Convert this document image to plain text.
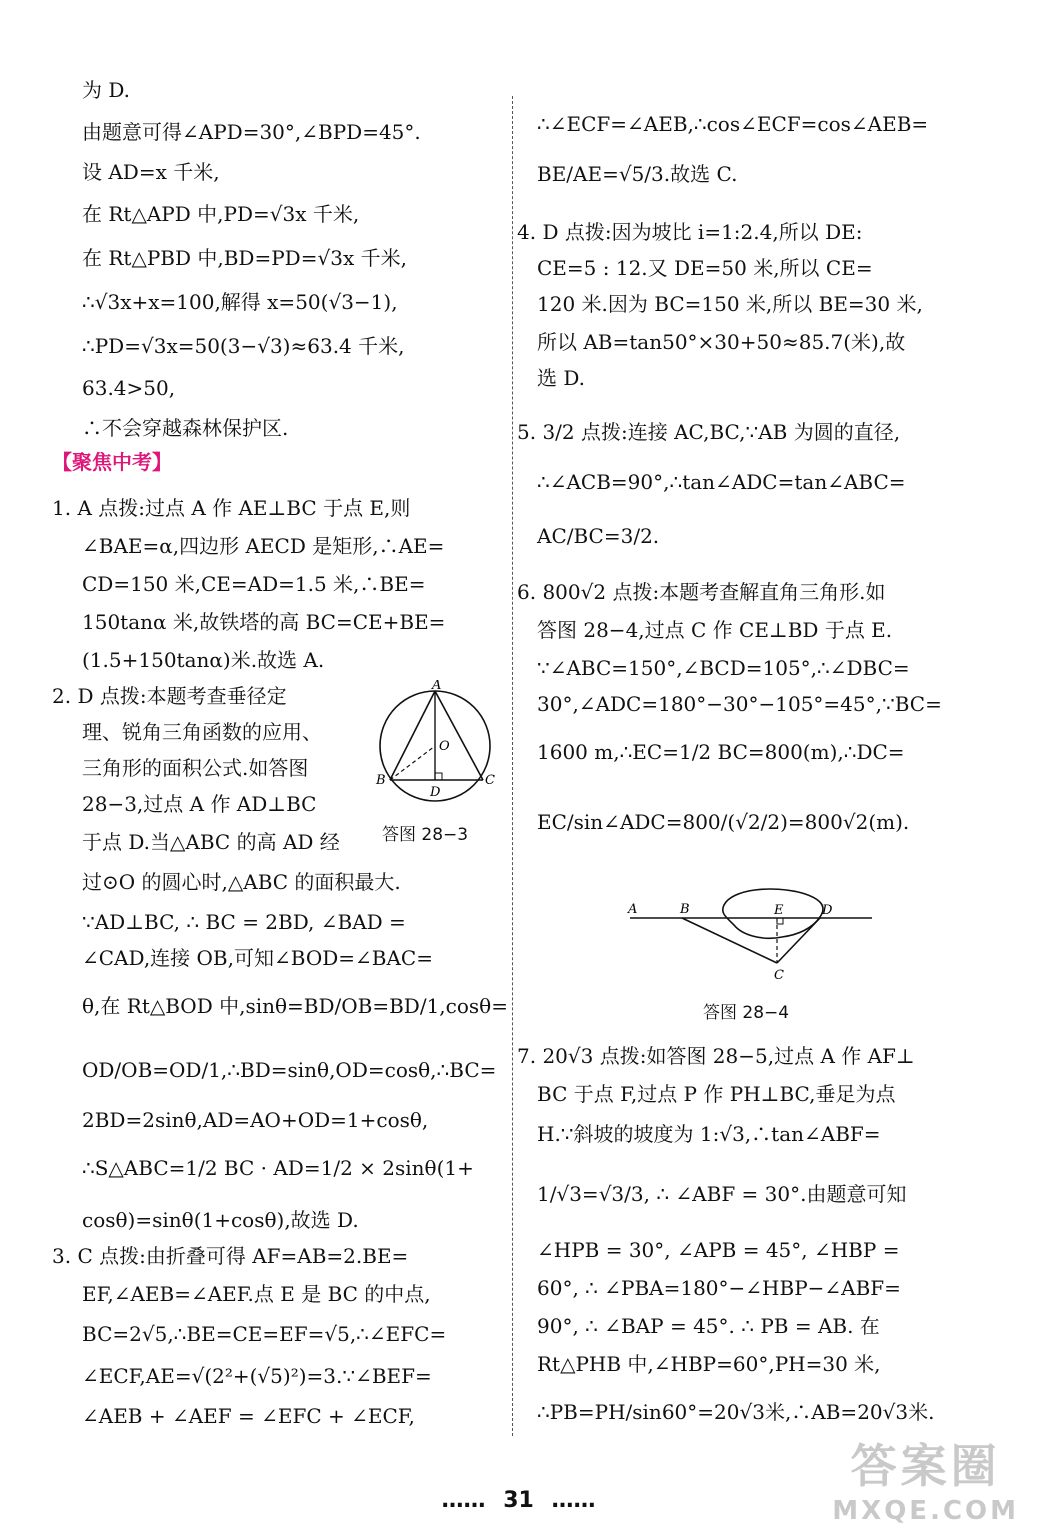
为 D.
由题意可得∠APD=30°,∠BPD=45°.
设 AD=x 千米,
在 Rt△APD 中,PD=√3x 千米,
在 Rt△PBD 中,BD=PD=√3x 千米,
∴√3x+x=100,解得 x=50(√3−1),
∴PD=√3x=50(3−√3)≈63.4 千米,
63.4>50,
∴不会穿越森林保护区.
【聚焦中考】
1. A 点拨:过点 A 作 AE⊥BC 于点 E,则
∠BAE=α,四边形 AECD 是矩形,∴AE=
CD=150 米,CE=AD=1.5 米,∴BE=
150tanα 米,故铁塔的高 BC=CE+BE=
(1.5+150tanα)米.故选 A.
2. D 点拨:本题考查垂径定
理、锐角三角函数的应用、
三角形的面积公式.如答图
28−3,过点 A 作 AD⊥BC
于点 D.当△ABC 的高 AD 经
过⊙O 的圆心时,△ABC 的面积最大.
∵AD⊥BC, ∴ BC = 2BD, ∠BAD =
∠CAD,连接 OB,可知∠BOD=∠BAC=
θ,在 Rt△BOD 中,sinθ=BD/OB=BD/1,cosθ=
OD/OB=OD/1,∴BD=sinθ,OD=cosθ,∴BC=
2BD=2sinθ,AD=AO+OD=1+cosθ,
∴S△ABC=1/2 BC · AD=1/2 × 2sinθ(1+
cosθ)=sinθ(1+cosθ),故选 D.
3. C 点拨:由折叠可得 AF=AB=2.BE=
EF,∠AEB=∠AEF.点 E 是 BC 的中点,
BC=2√5,∴BE=CE=EF=√5,∴∠EFC=
∠ECF,AE=√(2²+(√5)²)=3.∵∠BEF=
∠AEB + ∠AEF = ∠EFC + ∠ECF,
A
O
B
D
C
答图 28−3
∴∠ECF=∠AEB,∴cos∠ECF=cos∠AEB=
BE/AE=√5/3.故选 C.
4. D 点拨:因为坡比 i=1:2.4,所以 DE:
CE=5 : 12.又 DE=50 米,所以 CE=
120 米.因为 BC=150 米,所以 BE=30 米,
所以 AB=tan50°×30+50≈85.7(米),故
选 D.
5. 3/2 点拨:连接 AC,BC,∵AB 为圆的直径,
∴∠ACB=90°,∴tan∠ADC=tan∠ABC=
AC/BC=3/2.
6. 800√2 点拨:本题考查解直角三角形.如
答图 28−4,过点 C 作 CE⊥BD 于点 E.
∵∠ABC=150°,∠BCD=105°,∴∠DBC=
30°,∠ADC=180°−30°−105°=45°,∵BC=
1600 m,∴EC=1/2 BC=800(m),∴DC=
EC/sin∠ADC=800/(√2/2)=800√2(m).
7. 20√3 点拨:如答图 28−5,过点 A 作 AF⊥
BC 于点 F,过点 P 作 PH⊥BC,垂足为点
H.∵斜坡的坡度为 1:√3,∴tan∠ABF=
1/√3=√3/3, ∴ ∠ABF = 30°.由题意可知
∠HPB = 30°, ∠APB = 45°, ∠HBP =
60°, ∴ ∠PBA=180°−∠HBP−∠ABF=
90°, ∴ ∠BAP = 45°. ∴ PB = AB. 在
Rt△PHB 中,∠HBP=60°,PH=30 米,
∴PB=PH/sin60°=20√3米,∴AB=20√3米.
A	B	E	D
C
答图 28−4
…… 31 ……
答案圈
MXQE.COM
